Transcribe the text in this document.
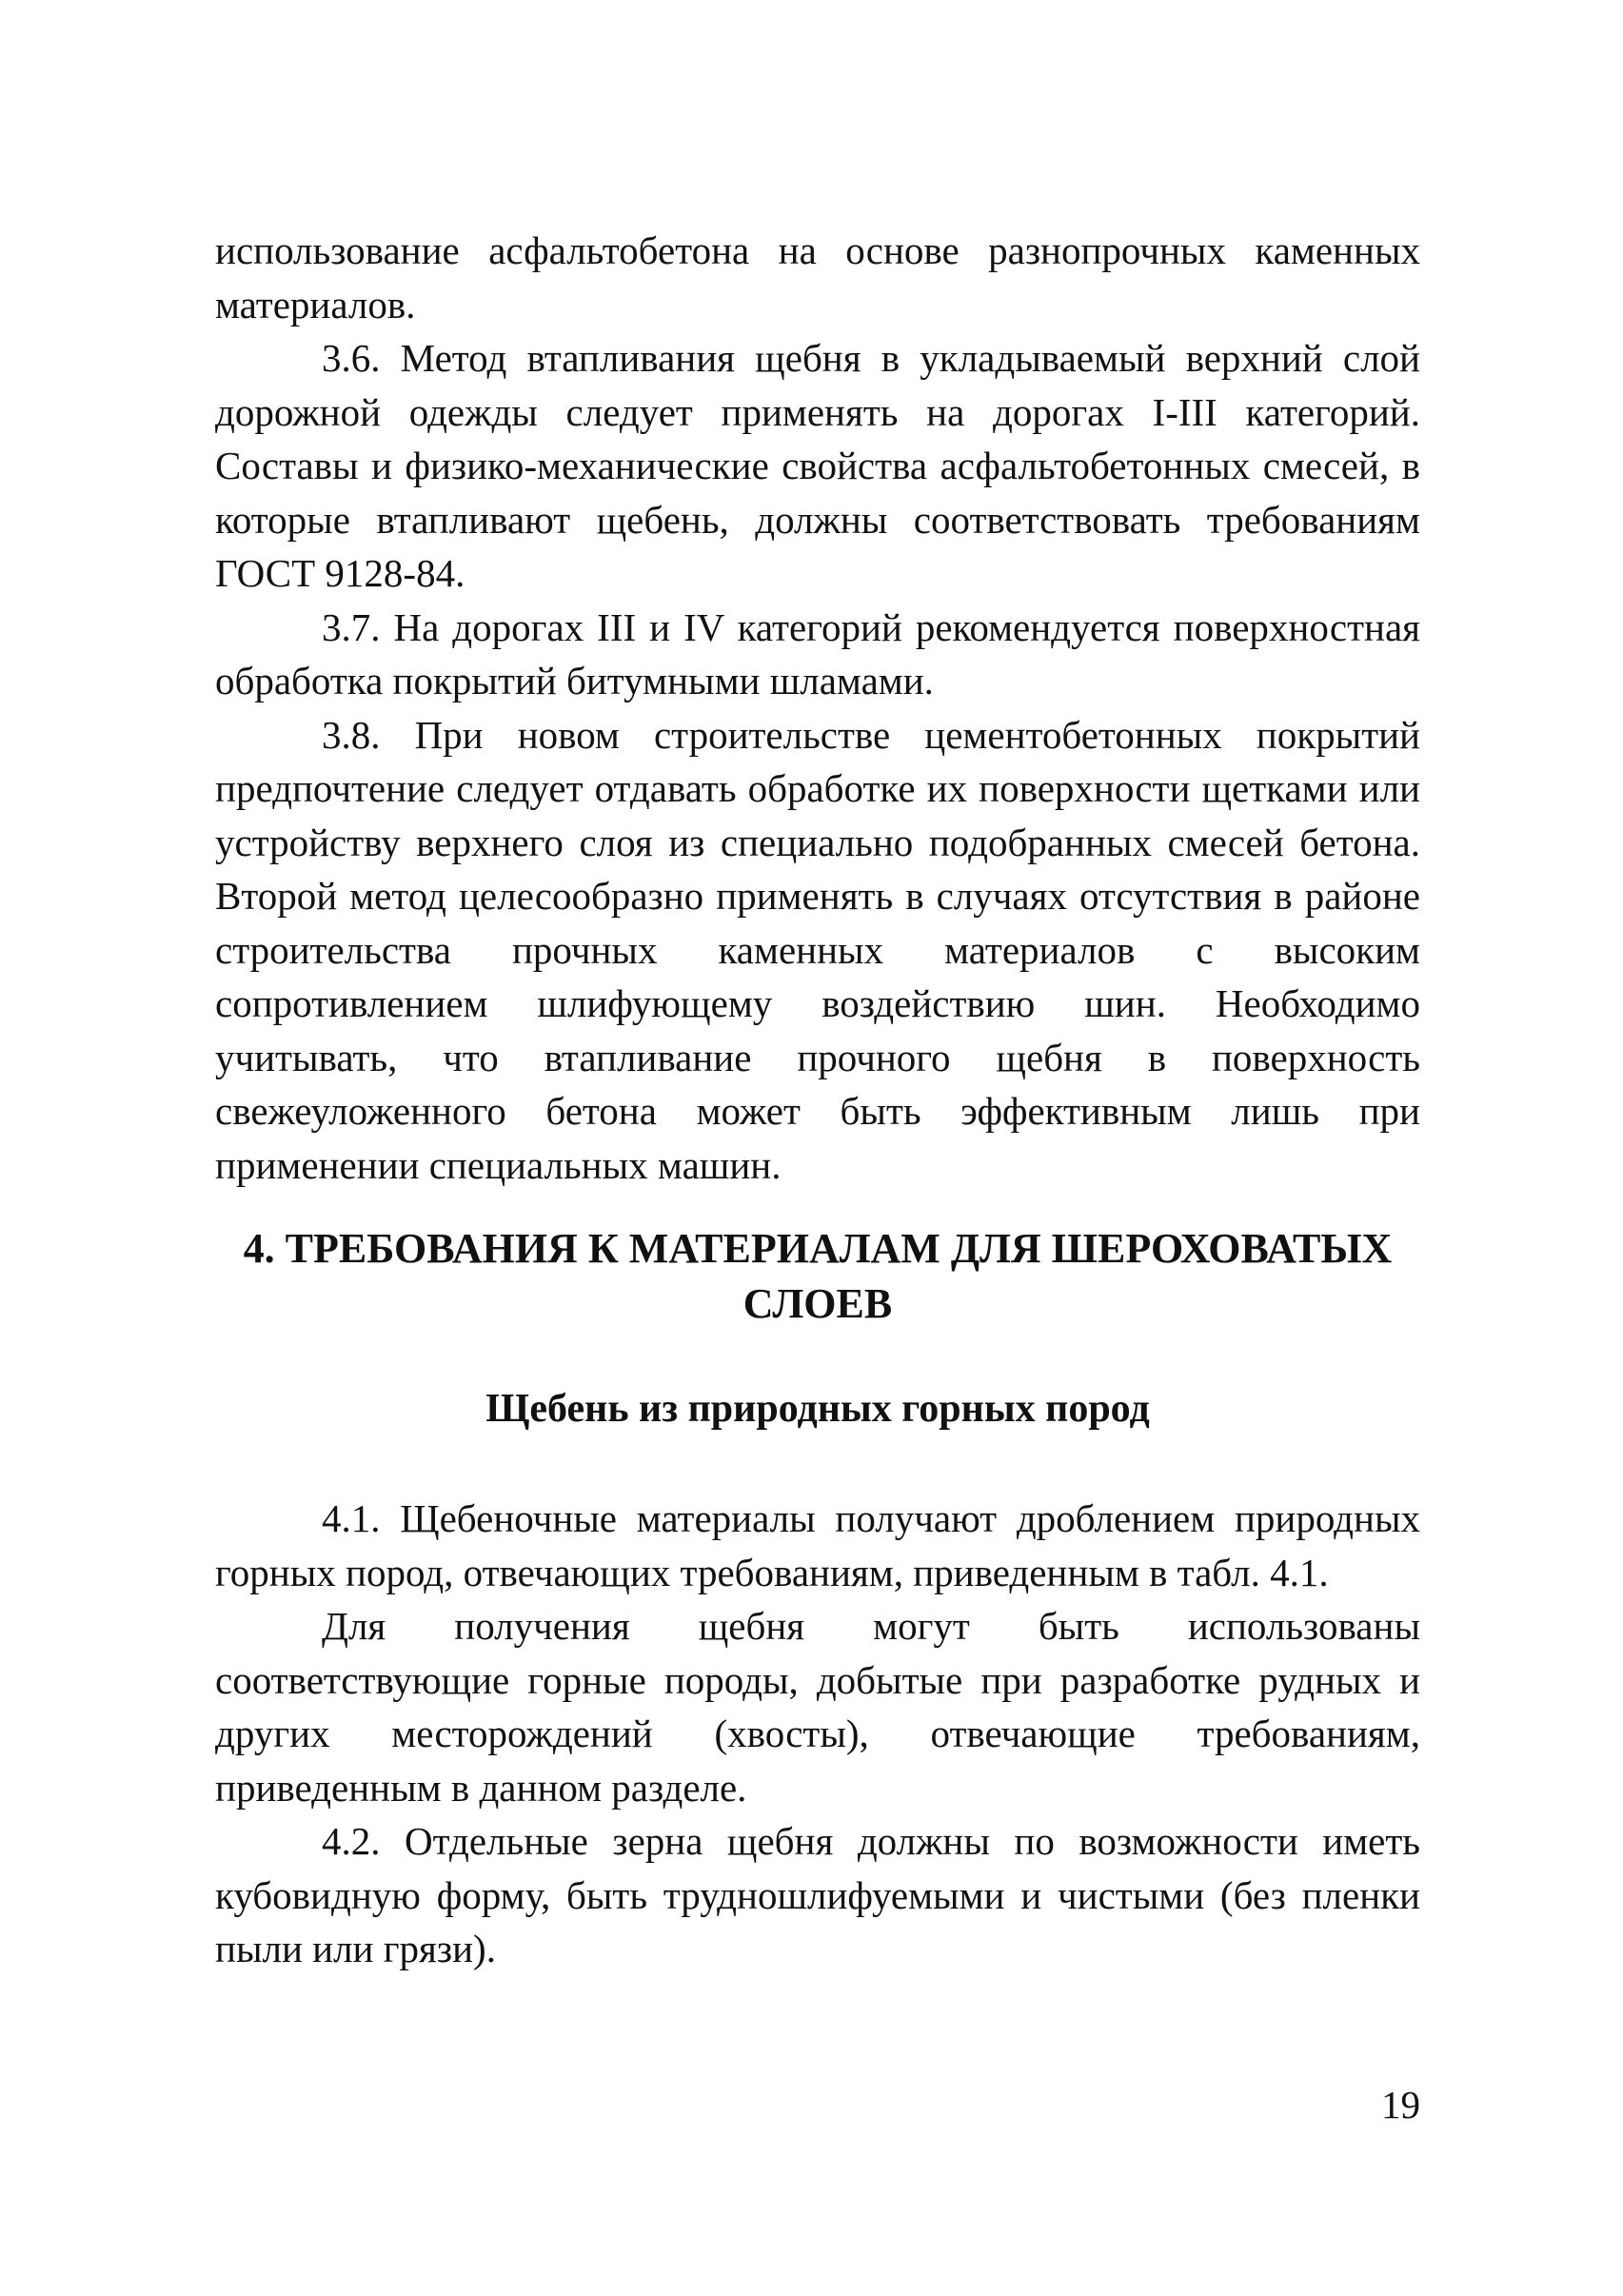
использование асфальтобетона на основе разнопрочных каменных материалов.

3.6. Метод втапливания щебня в укладываемый верхний слой дорожной одежды следует применять на дорогах I-III категорий. Составы и физико-механические свойства асфальтобетонных смесей, в которые втапливают щебень, должны соответствовать требованиям ГОСТ 9128-84.

3.7. На дорогах III и IV категорий рекомендуется поверхностная обработка покрытий битумными шламами.

3.8. При новом строительстве цементобетонных покрытий предпочтение следует отдавать обработке их поверхности щетками или устройству верхнего слоя из специально подобранных смесей бетона. Второй метод целесообразно применять в случаях отсутствия в районе строительства прочных каменных материалов с высоким сопротивлением шлифующему воздействию шин. Необходимо учитывать, что втапливание прочного щебня в поверхность свежеуложенного бетона может быть эффективным лишь при применении специальных машин.

4. ТРЕБОВАНИЯ К МАТЕРИАЛАМ ДЛЯ ШЕРОХОВАТЫХ
СЛОЕВ
Щебень из природных горных пород

4.1. Щебеночные материалы получают дроблением природных горных пород, отвечающих требованиям, приведенным в табл. 4.1.

Для получения щебня могут быть использованы соответствующие горные породы, добытые при разработке рудных и других месторождений (хвосты), отвечающие требованиям, приведенным в данном разделе.

4.2. Отдельные зерна щебня должны по возможности иметь кубовидную форму, быть трудношлифуемыми и чистыми (без пленки пыли или грязи).

19
